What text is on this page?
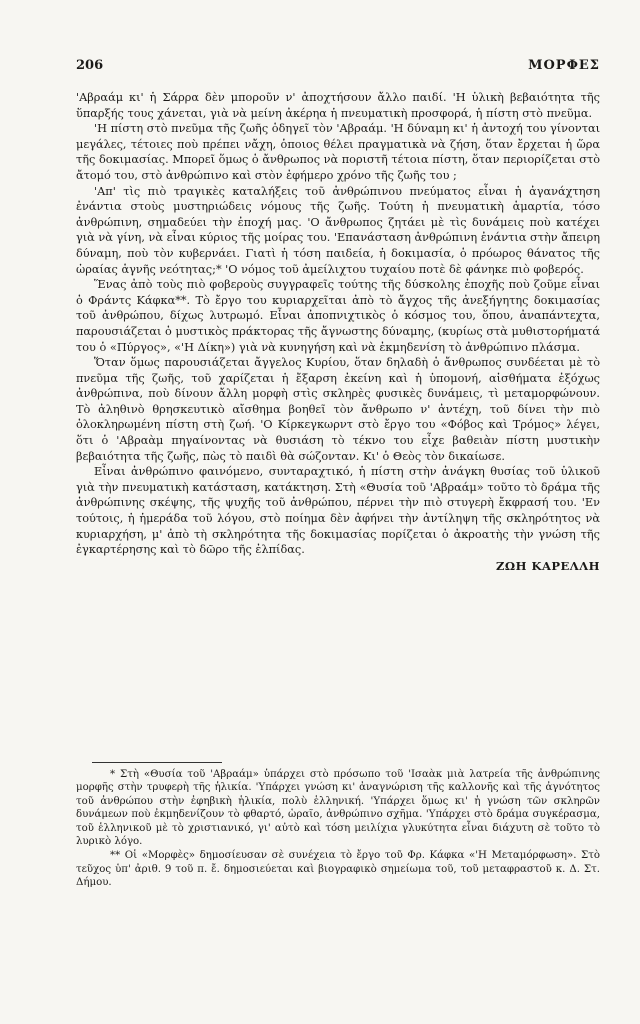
206	ΜΟΡΦΕΣ

'Αβραάμ κι' ἡ Σάρρα δὲν μποροῦν ν' ἀποχτήσουν ἄλλο παιδί. 'Η ὑλικὴ βεβαιότητα τῆς ὕπαρξής τους χάνεται, γιὰ νὰ μείνη ἀκέρηα ἡ πνευματικὴ προσφορά, ἡ πίστη στὸ πνεῦμα.

'Η πίστη στὸ πνεῦμα τῆς ζωῆς ὁδηγεῖ τὸν 'Αβραάμ. 'Η δύναμη κι' ἡ ἀντοχή του γίνονται μεγάλες, τέτοιες ποὺ πρέπει νἄχη, ὁποιος θέλει πραγματικὰ νὰ ζήση, ὅταν ἔρχεται ἡ ὥρα τῆς δοκιμασίας. Μπορεῖ ὅμως ὁ ἄνθρωπος νὰ ποριστῆ τέτοια πίστη, ὅταν περιορίζεται στὸ ἄτομό του, στὸ ἀνθρώπινο καὶ στὸν ἐφήμερο χρόνο τῆς ζωῆς του ;

'Απ' τὶς πιὸ τραγικὲς καταλήξεις τοῦ ἀνθρώπινου πνεύματος εἶναι ἡ ἀγανάχτηση ἐνάντια στοὺς μυστηριώδεις νόμους τῆς ζωῆς. Τούτη ἡ πνευματικὴ ἁμαρτία, τόσο ἀνθρώπινη, σημαδεύει τὴν ἐποχή μας. 'Ο ἄνθρωπος ζητάει μὲ τὶς δυνάμεις ποὺ κατέχει γιὰ νὰ γίνη, νὰ εἶναι κύριος τῆς μοίρας του. 'Επανάσταση ἀνθρώπινη ἐνάντια στὴν ἄπειρη δύναμη, ποὺ τὸν κυβερνάει. Γιατὶ ἡ τόση παιδεία, ἡ δοκιμασία, ὁ πρόωρος θάνατος τῆς ὡραίας ἁγνῆς νεότητας;* 'Ο νόμος τοῦ ἀμείλιχτου τυχαίου ποτὲ δὲ φάνηκε πιὸ φοβερός.

Ἕνας ἀπὸ τοὺς πιὸ φοβεροὺς συγγραφεῖς τούτης τῆς δύσκολης ἐποχῆς ποὺ ζοῦμε εἶναι ὁ Φράντς Κάφκα**. Τὸ ἔργο του κυριαρχεῖται ἀπὸ τὸ ἄγχος τῆς ἀνεξήγητης δοκιμασίας τοῦ ἀνθρώπου, δίχως λυτρωμό. Εἶναι ἀποπνιχτικὸς ὁ κόσμος του, ὅπου, ἀναπάντεχτα, παρουσιάζεται ὁ μυστικὸς πράκτορας τῆς ἄγνωστης δύναμης, (κυρίως στὰ μυθιστορήματά του ὁ «Πύργος», «'Η Δίκη») γιὰ νὰ κυνηγήση καὶ νὰ ἐκμηδενίση τὸ ἀνθρώπινο πλάσμα.

Ὅταν ὅμως παρουσιάζεται ἄγγελος Κυρίου, ὅταν δηλαδὴ ὁ ἄνθρωπος συνδέεται μὲ τὸ πνεῦμα τῆς ζωῆς, τοῦ χαρίζεται ἡ ἔξαρση ἐκείνη καὶ ἡ ὑπομονή, αἰσθήματα ἐξόχως ἀνθρώπινα, ποὺ δίνουν ἄλλη μορφὴ στὶς σκληρὲς φυσικὲς δυνάμεις, τὶ μεταμορφώνουν. Τὸ ἀληθινὸ θρησκευτικὸ αἴσθημα βοηθεῖ τὸν ἄνθρωπο ν' ἀντέχη, τοῦ δίνει τὴν πιὸ ὁλοκληρωμένη πίστη στὴ ζωή. 'Ο Κίρκεγκωρντ στὸ ἔργο του «Φόβος καὶ Τρόμος» λέγει, ὅτι ὁ 'Αβραὰμ πηγαίνοντας νὰ θυσιάση τὸ τέκνο του εἶχε βαθειὰν πίστη μυστικὴν βεβαιότητα τῆς ζωῆς, πὼς τὸ παιδὶ θὰ σώζονταν. Κι' ὁ Θεὸς τὸν δικαίωσε.

Εἶναι ἀνθρώπινο φαινόμενο, συνταραχτικό, ἡ πίστη στὴν ἀνάγκη θυσίας τοῦ ὑλικοῦ γιὰ τὴν πνευματικὴ κατάσταση, κατάκτηση. Στὴ «Θυσία τοῦ 'Αβραάμ» τοῦτο τὸ δράμα τῆς ἀνθρώπινης σκέψης, τῆς ψυχῆς τοῦ ἀνθρώπου, πέρνει τὴν πιὸ στυγερὴ ἔκφρασή του. 'Εν τούτοις, ἡ ἡμεράδα τοῦ λόγου, στὸ ποίημα δὲν ἀφήνει τὴν ἀντίληψη τῆς σκληρότητος νὰ κυριαρχήση, μ' ἀπὸ τὴ σκληρότητα τῆς δοκιμασίας πορίζεται ὁ ἀκροατὴς τὴν γνώση τῆς ἐγκαρτέρησης καὶ τὸ δῶρο τῆς ἐλπίδας.

ΖΩΗ ΚΑΡΕΛΛΗ

* Στὴ «Θυσία τοῦ 'Αβραάμ» ὑπάρχει στὸ πρόσωπο τοῦ 'Ισαὰκ μιὰ λατρεία τῆς ἀνθρώπινης μορφῆς στὴν τρυφερὴ τῆς ἡλικία. 'Υπάρχει γνώση κι' ἀναγνώριση τῆς καλλονῆς καὶ τῆς ἀγνότητος τοῦ ἀνθρώπου στὴν ἐφηβικὴ ἡλικία, πολὺ ἑλληνική. 'Υπάρχει ὅμως κι' ἡ γνώση τῶν σκληρῶν δυνάμεων ποὺ ἐκμηδενίζουν τὸ φθαρτό, ὡραῖο, ἀνθρώπινο σχῆμα. 'Υπάρχει στὸ δράμα συγκέρασμα, τοῦ ἑλληνικοῦ μὲ τὸ χριστιανικό, γι' αὐτὸ καὶ τόση μειλίχια γλυκύτητα εἶναι διάχυτη σὲ τοῦτο τὸ λυρικὸ λόγο.

** Οἱ «Μορφὲς» δημοσίευσαν σὲ συνέχεια τὸ ἔργο τοῦ Φρ. Κάφκα «'Η Μεταμόρφωση». Στὸ τεῦχος ὑπ' ἀριθ. 9 τοῦ π. ἔ. δημοσιεύεται καὶ βιογραφικὸ σημείωμα τοῦ, τοῦ μεταφραστοῦ κ. Δ. Στ. Δήμου.
